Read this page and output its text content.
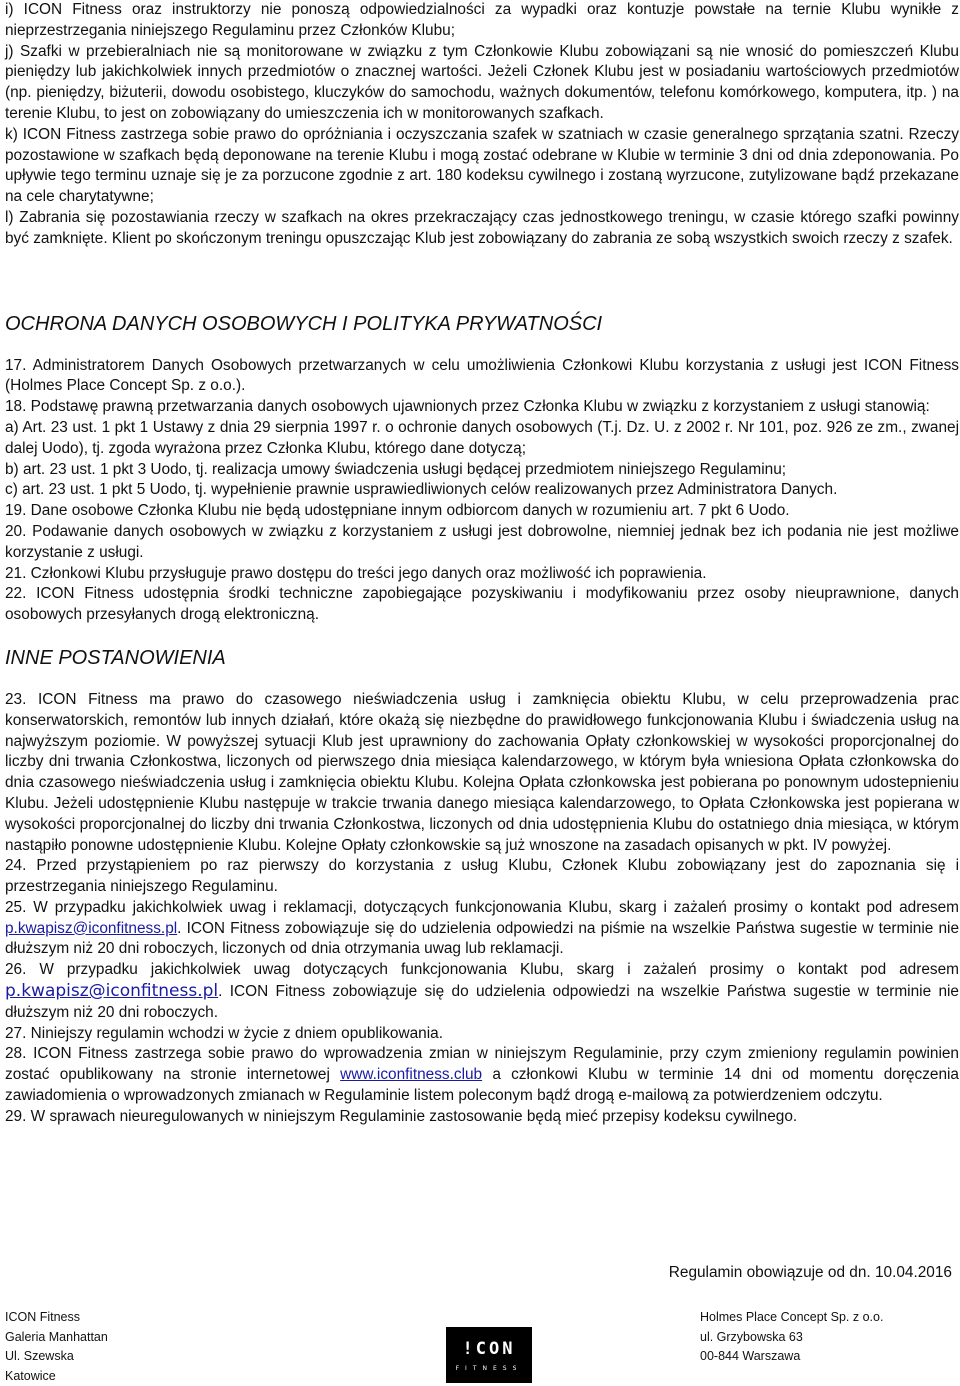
i) ICON Fitness oraz instruktorzy nie ponoszą odpowiedzialności za wypadki oraz kontuzje powstałe na ternie Klubu wynikłe z nieprzestrzegania niniejszego Regulaminu przez Członków Klubu;

j) Szafki w przebieralniach nie są monitorowane w związku z tym Członkowie Klubu zobowiązani są nie wnosić do pomieszczeń Klubu pieniędzy lub jakichkolwiek innych przedmiotów o znacznej wartości. Jeżeli Członek Klubu jest w posiadaniu wartościowych przedmiotów (np. pieniędzy, biżuterii, dowodu osobistego, kluczyków do samochodu, ważnych dokumentów, telefonu komórkowego, komputera, itp. ) na terenie Klubu, to jest on zobowiązany do umieszczenia ich w monitorowanych szafkach.

k) ICON Fitness zastrzega sobie prawo do opróżniania i oczyszczania szafek w szatniach w czasie generalnego sprzątania szatni. Rzeczy pozostawione w szafkach będą deponowane na terenie Klubu i mogą zostać odebrane w Klubie w terminie 3 dni od dnia zdeponowania. Po upływie tego terminu uznaje się je za porzucone zgodnie z art. 180 kodeksu cywilnego i zostaną wyrzucone, zutylizowane bądź przekazane na cele charytatywne;

l) Zabrania się pozostawiania rzeczy w szafkach na okres przekraczający czas jednostkowego treningu, w czasie którego szafki powinny być zamknięte. Klient po skończonym treningu opuszczając Klub jest zobowiązany do zabrania ze sobą wszystkich swoich rzeczy z szafek.

OCHRONA DANYCH OSOBOWYCH I POLITYKA PRYWATNOŚCI

17. Administratorem Danych Osobowych przetwarzanych w celu umożliwienia Członkowi Klubu korzystania z usługi jest ICON Fitness (Holmes Place Concept Sp. z o.o.).

18. Podstawę prawną przetwarzania danych osobowych ujawnionych przez Członka Klubu w związku z korzystaniem z usługi stanowią:

a) Art. 23 ust. 1 pkt 1 Ustawy z dnia 29 sierpnia 1997 r. o ochronie danych osobowych (T.j. Dz. U. z 2002 r. Nr 101, poz. 926 ze zm., zwanej dalej Uodo), tj. zgoda wyrażona przez Członka Klubu, którego dane dotyczą;

b) art. 23 ust. 1 pkt 3 Uodo, tj. realizacja umowy świadczenia usługi będącej przedmiotem niniejszego Regulaminu;

c) art. 23 ust. 1 pkt 5 Uodo, tj. wypełnienie prawnie usprawiedliwionych celów realizowanych przez Administratora Danych.

19. Dane osobowe Członka Klubu nie będą udostępniane innym odbiorcom danych w rozumieniu art. 7 pkt 6 Uodo.

20. Podawanie danych osobowych w związku z korzystaniem z usługi jest dobrowolne, niemniej jednak bez ich podania nie jest możliwe korzystanie z usługi.

21. Członkowi Klubu przysługuje prawo dostępu do treści jego danych oraz możliwość ich poprawienia.

22. ICON Fitness udostępnia środki techniczne zapobiegające pozyskiwaniu i modyfikowaniu przez osoby nieuprawnione, danych osobowych przesyłanych drogą elektroniczną.

INNE POSTANOWIENIA

23. ICON Fitness ma prawo do czasowego nieświadczenia usług i zamknięcia obiektu Klubu, w celu przeprowadzenia prac konserwatorskich, remontów lub innych działań, które okażą się niezbędne do prawidłowego funkcjonowania Klubu i świadczenia usług na najwyższym poziomie. W powyższej sytuacji Klub jest uprawniony do zachowania Opłaty członkowskiej w wysokości proporcjonalnej do liczby dni trwania Członkostwa, liczonych od pierwszego dnia miesiąca kalendarzowego, w którym była wniesiona Opłata członkowska do dnia czasowego nieświadczenia usług i zamknięcia obiektu Klubu. Kolejna Opłata członkowska jest pobierana po ponownym udostepnieniu Klubu. Jeżeli udostępnienie Klubu następuje w trakcie trwania danego miesiąca kalendarzowego, to Opłata Członkowska jest popierana w wysokości proporcjonalnej do liczby dni trwania Członkostwa, liczonych od dnia udostępnienia Klubu do ostatniego dnia miesiąca, w którym nastąpiło ponowne udostępnienie Klubu. Kolejne Opłaty członkowskie są już wnoszone na zasadach opisanych w pkt. IV powyżej.

24. Przed przystąpieniem po raz pierwszy do korzystania z usług Klubu, Członek Klubu zobowiązany jest do zapoznania się i przestrzegania niniejszego Regulaminu.

25. W przypadku jakichkolwiek uwag i reklamacji, dotyczących funkcjonowania Klubu, skarg i zażaleń prosimy o kontakt pod adresem p.kwapisz@iconfitness.pl. ICON Fitness zobowiązuje się do udzielenia odpowiedzi na piśmie na wszelkie Państwa sugestie w terminie nie dłuższym niż 20 dni roboczych, liczonych od dnia otrzymania uwag lub reklamacji.

26. W przypadku jakichkolwiek uwag dotyczących funkcjonowania Klubu, skarg i zażaleń prosimy o kontakt pod adresem p.kwapisz@iconfitness.pl. ICON Fitness zobowiązuje się do udzielenia odpowiedzi na wszelkie Państwa sugestie w terminie nie dłuższym niż 20 dni roboczych.

27. Niniejszy regulamin wchodzi w życie z dniem opublikowania.

28. ICON Fitness zastrzega sobie prawo do wprowadzenia zmian w niniejszym Regulaminie, przy czym zmieniony regulamin powinien zostać opublikowany na stronie internetowej www.iconfitness.club a członkowi Klubu w terminie 14 dni od momentu doręczenia zawiadomienia o wprowadzonych zmianach w Regulaminie listem poleconym bądź drogą e-mailową za potwierdzeniem odczytu.

29. W sprawach nieuregulowanych w niniejszym Regulaminie zastosowanie będą mieć przepisy kodeksu cywilnego.

Regulamin obowiązuje od dn. 10.04.2016
ICON Fitness
Galeria Manhattan
Ul. Szewska
Katowice
!CON
FITNESS
Holmes Place Concept Sp. z o.o.
ul. Grzybowska 63
00-844 Warszawa
